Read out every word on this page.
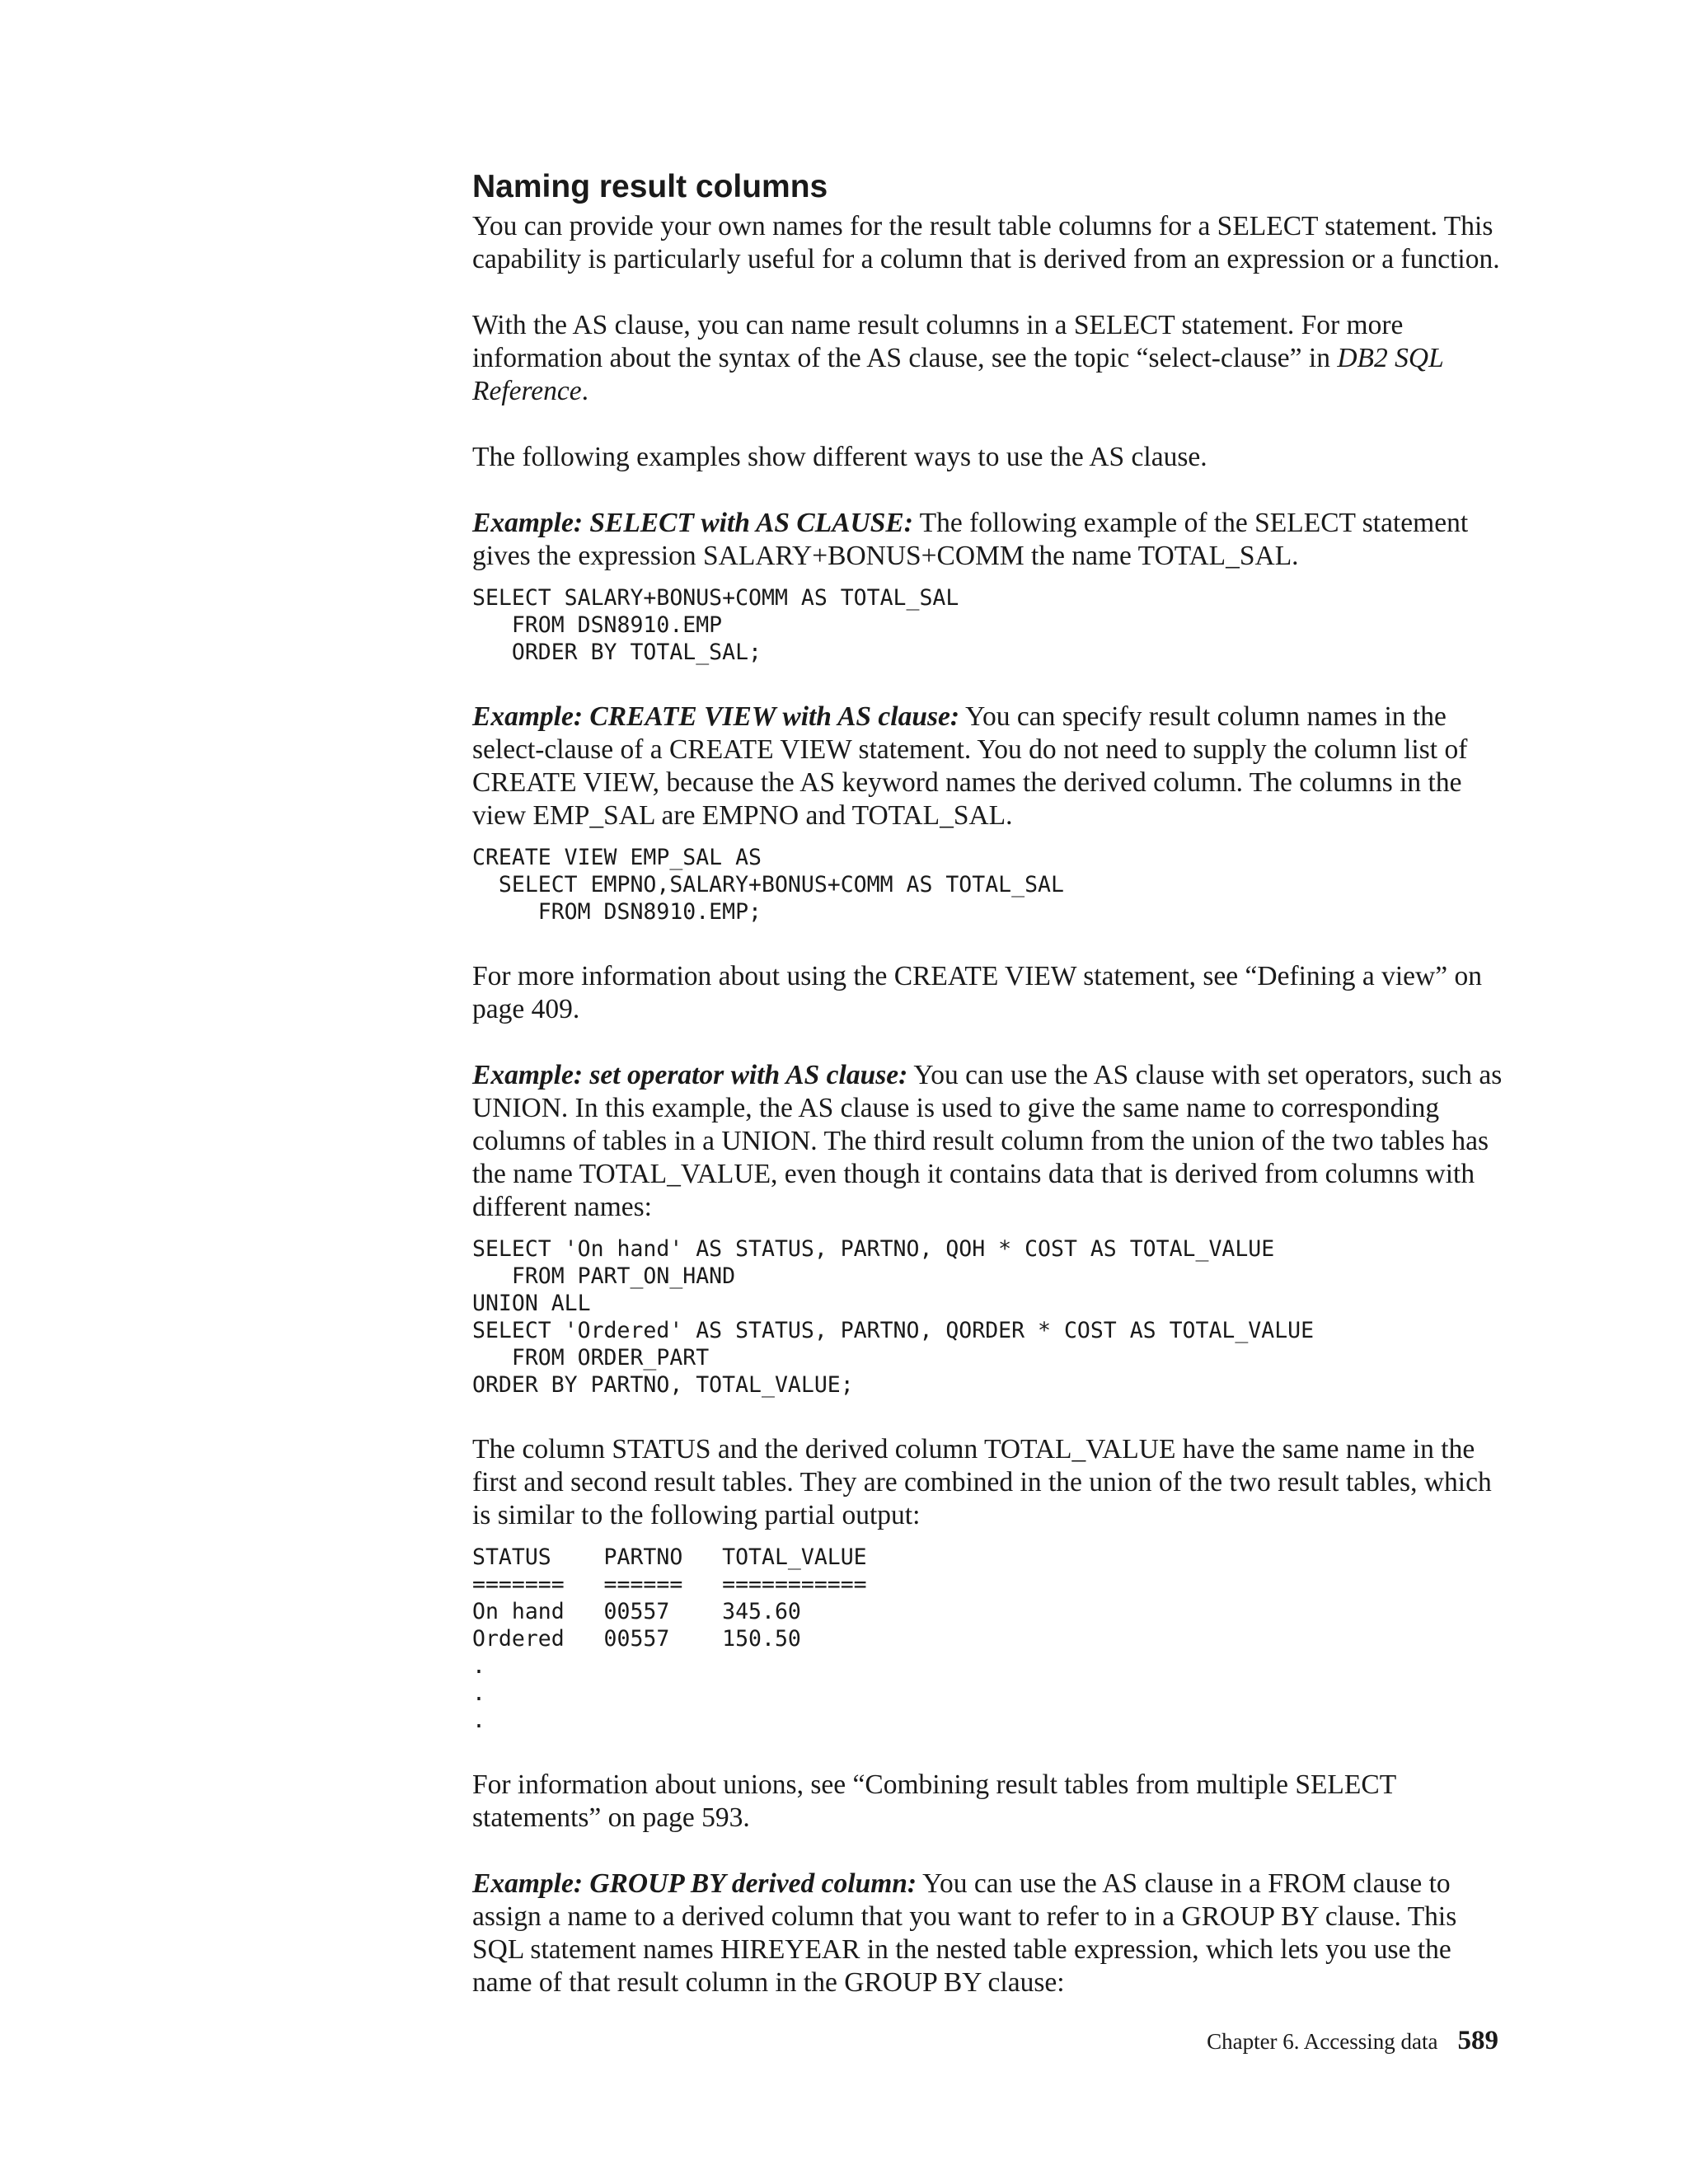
Naming result columns

You can provide your own names for the result table columns for a SELECT statement. This capability is particularly useful for a column that is derived from an expression or a function.

With the AS clause, you can name result columns in a SELECT statement. For more information about the syntax of the AS clause, see the topic “select-clause” in DB2 SQL Reference.

The following examples show different ways to use the AS clause.

Example: SELECT with AS CLAUSE: The following example of the SELECT statement gives the expression SALARY+BONUS+COMM the name TOTAL_SAL.

SELECT SALARY+BONUS+COMM AS TOTAL_SAL
FROM DSN8910.EMP
ORDER BY TOTAL_SAL;

Example: CREATE VIEW with AS clause: You can specify result column names in the select-clause of a CREATE VIEW statement. You do not need to supply the column list of CREATE VIEW, because the AS keyword names the derived column. The columns in the view EMP_SAL are EMPNO and TOTAL_SAL.

CREATE VIEW EMP_SAL AS
SELECT EMPNO,SALARY+BONUS+COMM AS TOTAL_SAL
FROM DSN8910.EMP;

For more information about using the CREATE VIEW statement, see “Defining a view” on page 409.

Example: set operator with AS clause: You can use the AS clause with set operators, such as UNION. In this example, the AS clause is used to give the same name to corresponding columns of tables in a UNION. The third result column from the union of the two tables has the name TOTAL_VALUE, even though it contains data that is derived from columns with different names:

SELECT 'On hand' AS STATUS, PARTNO, QOH * COST AS TOTAL_VALUE
FROM PART_ON_HAND
UNION ALL
SELECT 'Ordered' AS STATUS, PARTNO, QORDER * COST AS TOTAL_VALUE
FROM ORDER_PART
ORDER BY PARTNO, TOTAL_VALUE;

The column STATUS and the derived column TOTAL_VALUE have the same name in the first and second result tables. They are combined in the union of the two result tables, which is similar to the following partial output:

STATUS    PARTNO   TOTAL_VALUE
=======   ======   ===========
On hand   00557    345.60
Ordered   00557    150.50
.
.
.

For information about unions, see “Combining result tables from multiple SELECT statements” on page 593.

Example: GROUP BY derived column: You can use the AS clause in a FROM clause to assign a name to a derived column that you want to refer to in a GROUP BY clause. This SQL statement names HIREYEAR in the nested table expression, which lets you use the name of that result column in the GROUP BY clause:

Chapter 6. Accessing data 589
